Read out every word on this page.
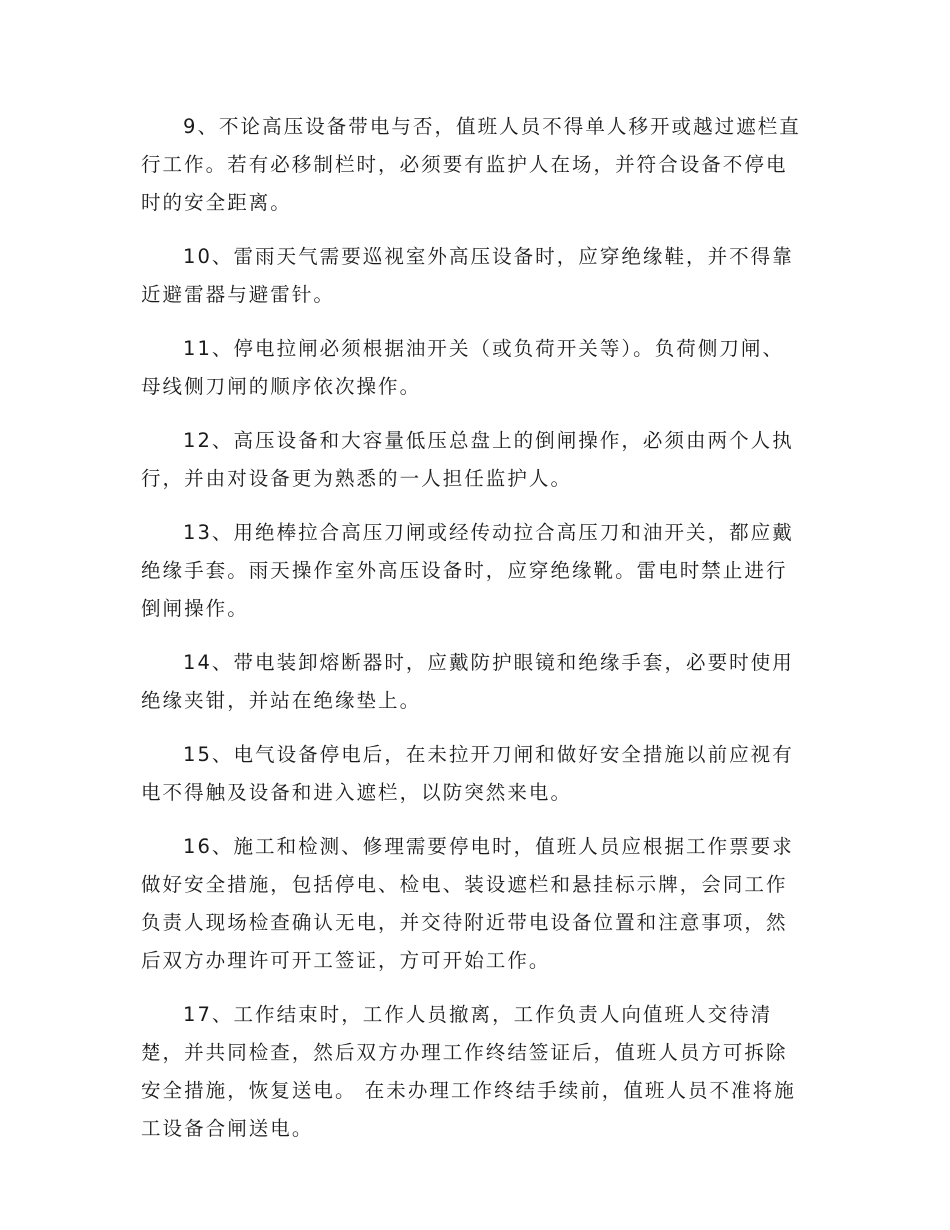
9、不论高压设备带电与否，值班人员不得单人移开或越过遮栏直
行工作。若有必移制栏时，必须要有监护人在场，并符合设备不停电
时的安全距离。
10、雷雨天气需要巡视室外高压设备时，应穿绝缘鞋，并不得靠
近避雷器与避雷针。
11、停电拉闸必须根据油开关（或负荷开关等）。负荷侧刀闸、
母线侧刀闸的顺序依次操作。
12、高压设备和大容量低压总盘上的倒闸操作，必须由两个人执
行，并由对设备更为熟悉的一人担任监护人。
13、用绝棒拉合高压刀闸或经传动拉合高压刀和油开关，都应戴
绝缘手套。雨天操作室外高压设备时，应穿绝缘靴。雷电时禁止进行
倒闸操作。
14、带电装卸熔断器时，应戴防护眼镜和绝缘手套，必要时使用
绝缘夹钳，并站在绝缘垫上。
15、电气设备停电后，在未拉开刀闸和做好安全措施以前应视有
电不得触及设备和进入遮栏，以防突然来电。
16、施工和检测、修理需要停电时，值班人员应根据工作票要求
做好安全措施，包括停电、检电、装设遮栏和悬挂标示牌，会同工作
负责人现场检查确认无电，并交待附近带电设备位置和注意事项，然
后双方办理许可开工签证，方可开始工作。
17、工作结束时，工作人员撤离，工作负责人向值班人交待清
楚，并共同检查，然后双方办理工作终结签证后，值班人员方可拆除
安全措施，恢复送电。 在未办理工作终结手续前，值班人员不准将施
工设备合闸送电。
